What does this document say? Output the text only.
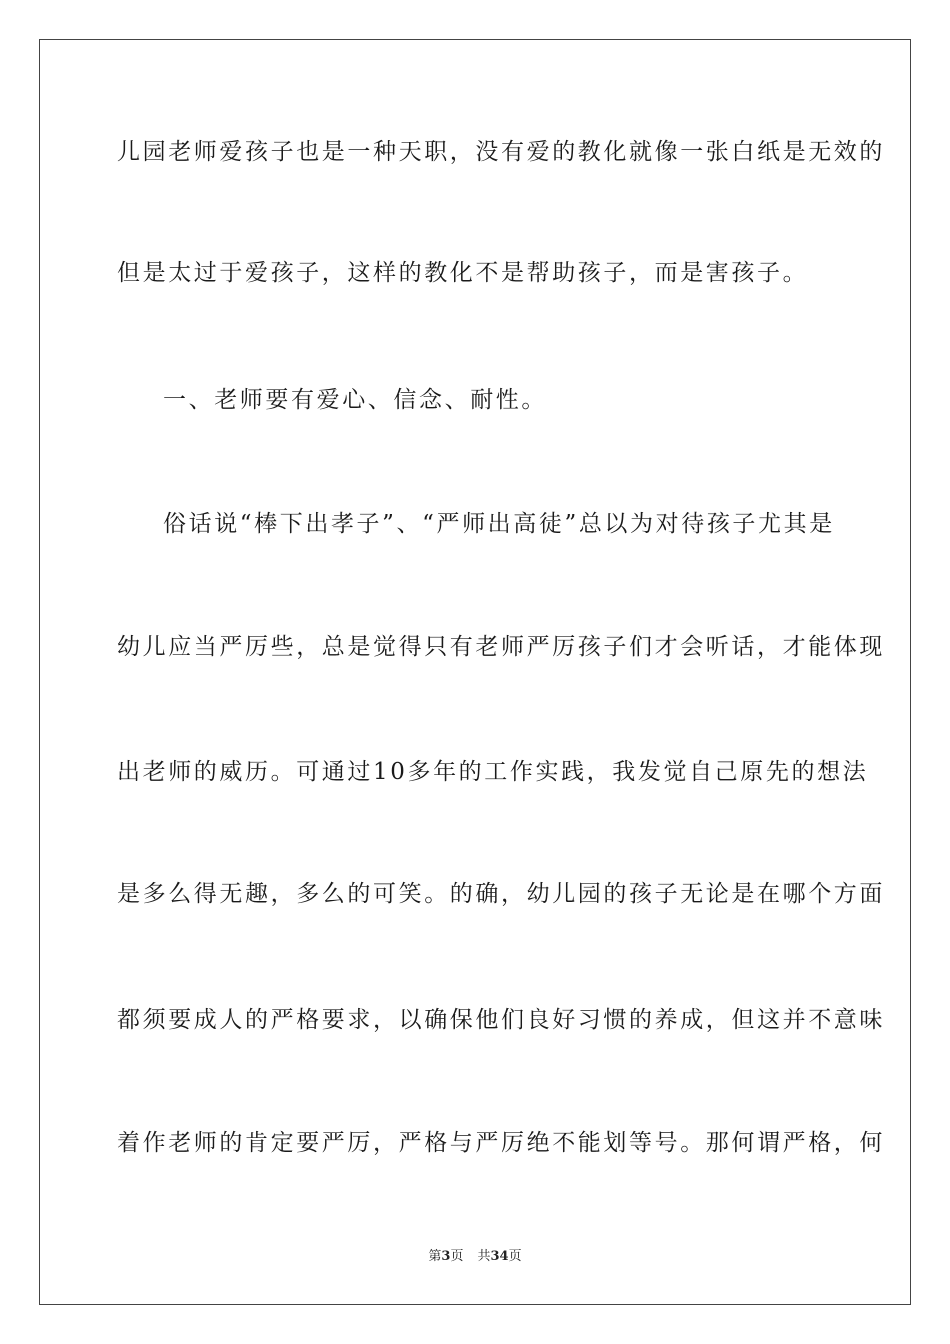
儿园老师爱孩子也是一种天职，没有爱的教化就像一张白纸是无效的
但是太过于爱孩子，这样的教化不是帮助孩子，而是害孩子。
一、老师要有爱心、信念、耐性。
俗话说“棒下出孝子”、“严师出高徒”总以为对待孩子尤其是
幼儿应当严厉些，总是觉得只有老师严厉孩子们才会听话，才能体现
出老师的威历。可通过10多年的工作实践，我发觉自己原先的想法
是多么得无趣，多么的可笑。的确，幼儿园的孩子无论是在哪个方面
都须要成人的严格要求，以确保他们良好习惯的养成，但这并不意味
着作老师的肯定要严厉，严格与严厉绝不能划等号。那何谓严格，何
第3页 共34页
